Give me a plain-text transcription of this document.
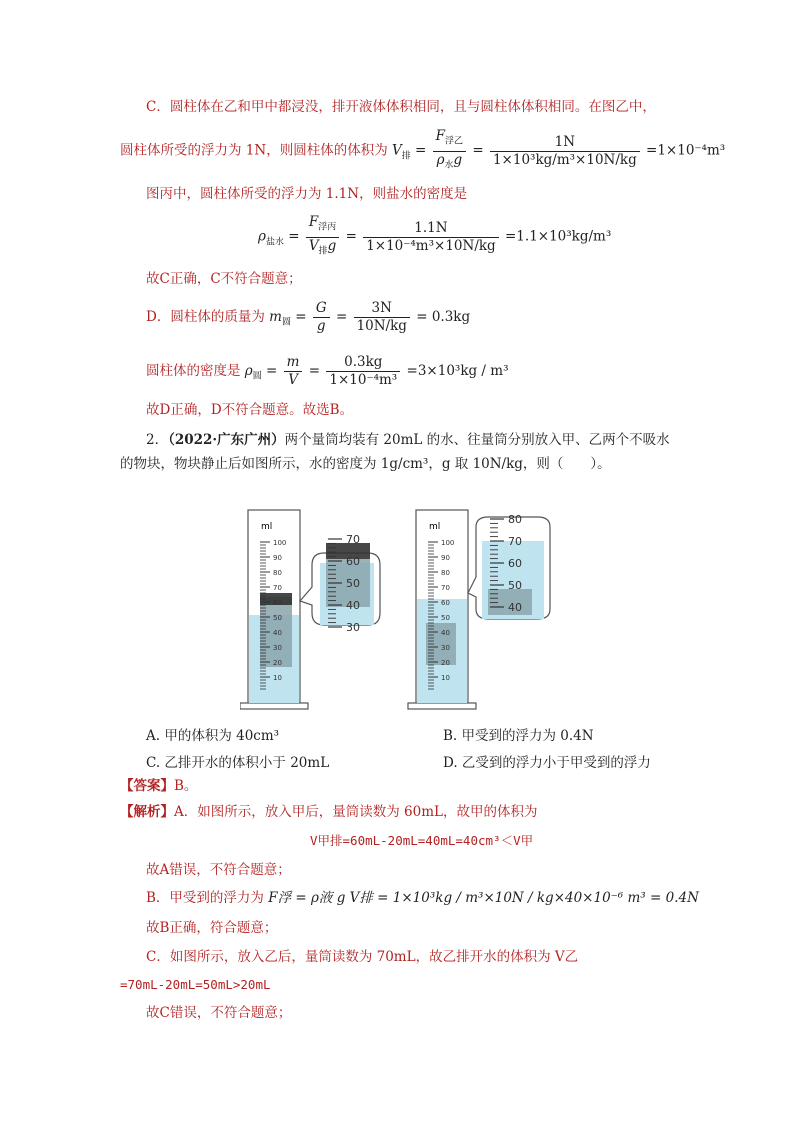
C．圆柱体在乙和甲中都浸没，排开液体体积相同，且与圆柱体体积相同。在图乙中，
圆柱体所受的浮力为 1N，则圆柱体的体积为 $V_排 = \frac{F_{浮乙}}{\rho_水g} = \frac{1N}{\text{1×10³kg/m³×10N/kg}} =1\times 10^{-4}m^3$
图丙中，圆柱体所受的浮力为 1.1N，则盐水的密度是
$\rho_{盐水} = \frac{F_{浮丙}}{V_排g} = \frac{1.1N}{\text{1×10⁻⁴m³×10N/kg}} =1.1\times 10^3kg/m^3$
故C正确，C不符合题意；
D．圆柱体的质量为 $m_圆 = \frac{G}{g} = \frac{3N}{10N/kg} = 0.3kg$
圆柱体的密度是 $\rho_圆 = \frac{m}{V} = \frac{0.3kg}{\text{1×10⁻⁴m³}} =3\times 10^3kg / m^3$
故D正确，D不符合题意。故选B。
2．（2022·广东广州）两个量筒均装有 20mL 的水、往量筒分别放入甲、乙两个不吸水
的物块，物块静止后如图所示，水的密度为 1g/cm³，g 取 10N/kg，则（　　）。
ml
100
90
80
70
60
50
40
30
20
10
70
60
50
40
30
ml
100
90
80
70
60
50
40
30
20
10
80
70
60
50
40
A. 甲的体积为 40cm³	B. 甲受到的浮力为 0.4N
C. 乙排开水的体积小于 20mL	D. 乙受到的浮力小于甲受到的浮力
【答案】B。
【解析】A．如图所示，放入甲后，量筒读数为 60mL，故甲的体积为
V甲排=60mL-20mL=40mL=40cm³＜V甲
故A错误，不符合题意；
B．甲受到的浮力为 F浮 = ρ液 g V排 = 1×10³kg / m³×10N / kg×40×10⁻⁶ m³ = 0.4N
故B正确，符合题意；
C．如图所示，放入乙后，量筒读数为 70mL，故乙排开水的体积为 V乙
=70mL-20mL=50mL>20mL
故C错误，不符合题意；
